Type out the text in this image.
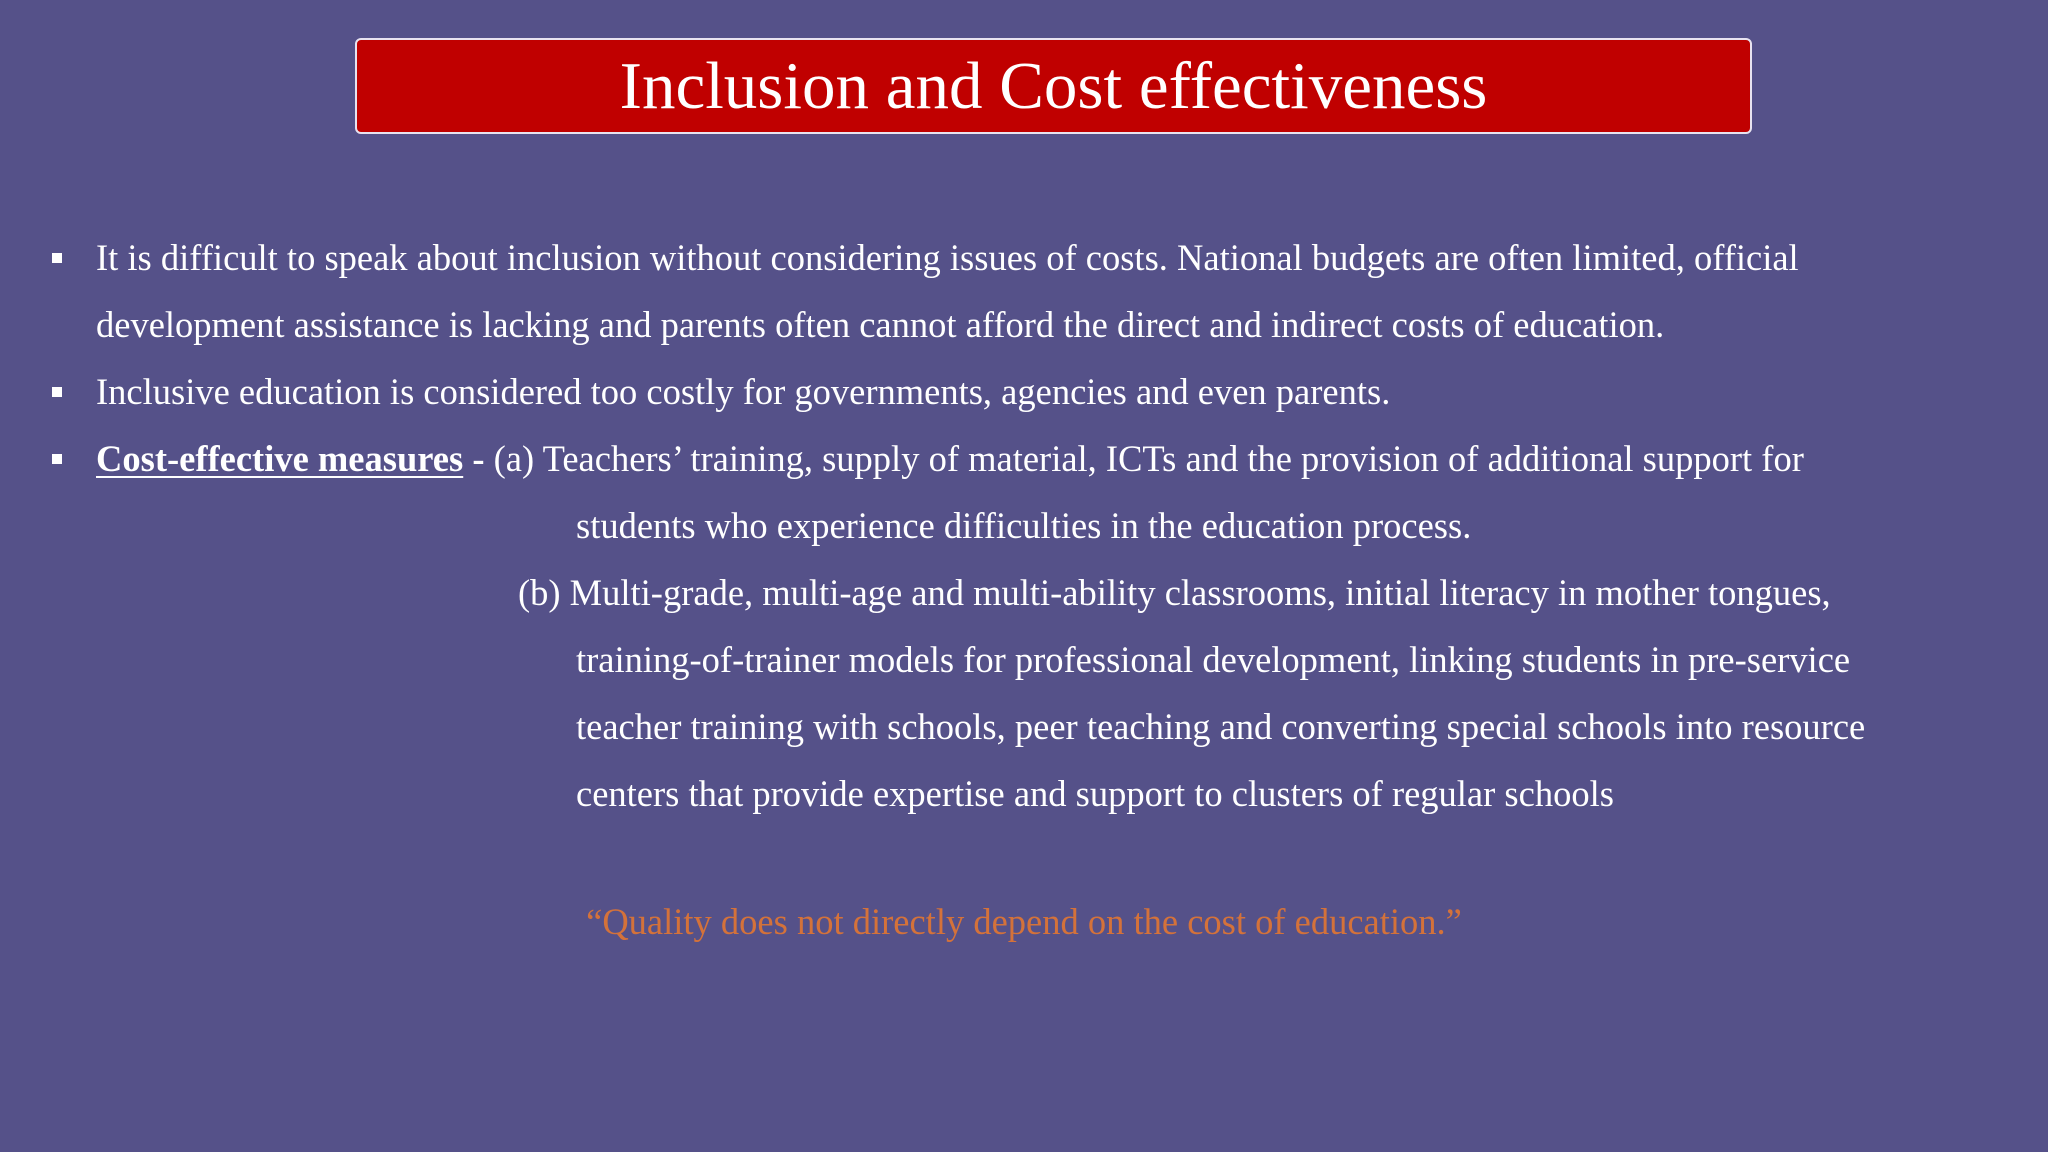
Inclusion and Cost effectiveness
It is difficult to speak about inclusion without considering issues of costs. National budgets are often limited, official
development assistance is lacking and parents often cannot afford the direct and indirect costs of education.
Inclusive education is considered too costly for governments, agencies and even parents.
Cost-effective measures - (a) Teachers’ training, supply of material, ICTs and the provision of additional support for
students who experience difficulties in the education process.
(b) Multi-grade, multi-age and multi-ability classrooms, initial literacy in mother tongues,
training-of-trainer models for professional development, linking students in pre-service
teacher training with schools, peer teaching and converting special schools into resource
centers that provide expertise and support to clusters of regular schools
“Quality does not directly depend on the cost of education.”
